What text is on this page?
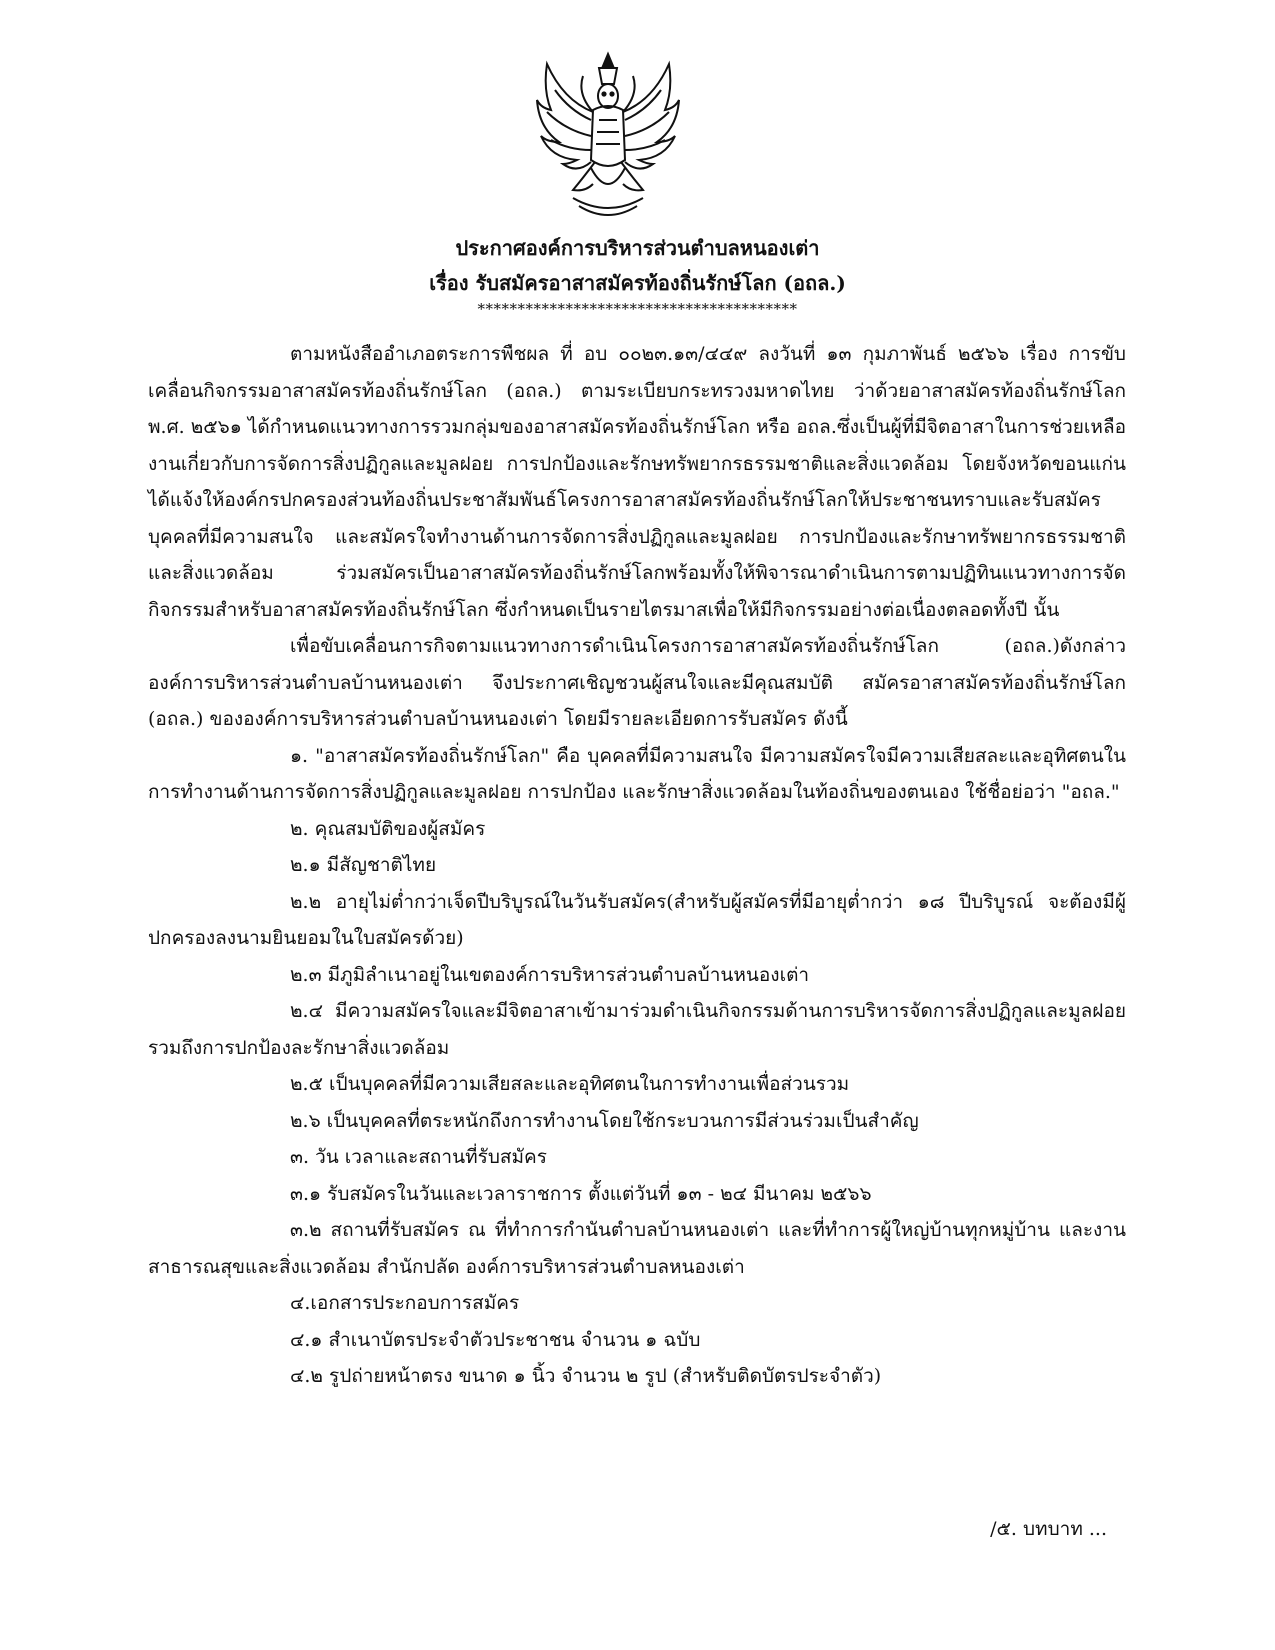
ประกาศองค์การบริหารส่วนตำบลหนองเต่า
เรื่อง รับสมัครอาสาสมัครท้องถิ่นรักษ์โลก (อถล.)
****************************************

ตามหนังสืออำเภอตระการพืชผล ที่ อบ ๐๐๒๓.๑๓/๔๔๙ ลงวันที่ ๑๓ กุมภาพันธ์ ๒๕๖๖ เรื่อง การขับเคลื่อนกิจกรรมอาสาสมัครท้องถิ่นรักษ์โลก (อถล.) ตามระเบียบกระทรวงมหาดไทย ว่าด้วยอาสาสมัครท้องถิ่นรักษ์โลก พ.ศ. ๒๕๖๑ ได้กำหนดแนวทางการรวมกลุ่มของอาสาสมัครท้องถิ่นรักษ์โลก หรือ อถล.ซึ่งเป็นผู้ที่มีจิตอาสาในการช่วยเหลืองานเกี่ยวกับการจัดการสิ่งปฏิกูลและมูลฝอย การปกป้องและรักษทรัพยากรธรรมชาติและสิ่งแวดล้อม โดยจังหวัดขอนแก่น ได้แจ้งให้องค์กรปกครองส่วนท้องถิ่นประชาสัมพันธ์โครงการอาสาสมัครท้องถิ่นรักษ์โลกให้ประชาชนทราบและรับสมัครบุคคลที่มีความสนใจ และสมัครใจทำงานด้านการจัดการสิ่งปฏิกูลและมูลฝอย การปกป้องและรักษาทรัพยากรธรรมชาติและสิ่งแวดล้อม ร่วมสมัครเป็นอาสาสมัครท้องถิ่นรักษ์โลกพร้อมทั้งให้พิจารณาดำเนินการตามปฏิทินแนวทางการจัดกิจกรรมสำหรับอาสาสมัครท้องถิ่นรักษ์โลก ซึ่งกำหนดเป็นรายไตรมาสเพื่อให้มีกิจกรรมอย่างต่อเนื่องตลอดทั้งปี นั้น

เพื่อขับเคลื่อนการกิจตามแนวทางการดำเนินโครงการอาสาสมัครท้องถิ่นรักษ์โลก (อถล.)ดังกล่าว องค์การบริหารส่วนตำบลบ้านหนองเต่า จึงประกาศเชิญชวนผู้สนใจและมีคุณสมบัติ สมัครอาสาสมัครท้องถิ่นรักษ์โลก (อถล.) ขององค์การบริหารส่วนตำบลบ้านหนองเต่า โดยมีรายละเอียดการรับสมัคร ดังนี้

๑. "อาสาสมัครท้องถิ่นรักษ์โลก" คือ บุคคลที่มีความสนใจ มีความสมัครใจมีความเสียสละและอุทิศตนในการทำงานด้านการจัดการสิ่งปฏิกูลและมูลฝอย การปกป้อง และรักษาสิ่งแวดล้อมในท้องถิ่นของตนเอง ใช้ชื่อย่อว่า "อถล."

๒. คุณสมบัติของผู้สมัคร

๒.๑ มีสัญชาติไทย

๒.๒ อายุไม่ต่ำกว่าเจ็ดปีบริบูรณ์ในวันรับสมัคร(สำหรับผู้สมัครที่มีอายุต่ำกว่า ๑๘ ปีบริบูรณ์ จะต้องมีผู้ปกครองลงนามยินยอมในใบสมัครด้วย)

๒.๓ มีภูมิลำเนาอยู่ในเขตองค์การบริหารส่วนตำบลบ้านหนองเต่า

๒.๔ มีความสมัครใจและมีจิตอาสาเข้ามาร่วมดำเนินกิจกรรมด้านการบริหารจัดการสิ่งปฏิกูลและมูลฝอย รวมถึงการปกป้องละรักษาสิ่งแวดล้อม

๒.๕ เป็นบุคคลที่มีความเสียสละและอุทิศตนในการทำงานเพื่อส่วนรวม

๒.๖ เป็นบุคคลที่ตระหนักถึงการทำงานโดยใช้กระบวนการมีส่วนร่วมเป็นสำคัญ

๓. วัน เวลาและสถานที่รับสมัคร

๓.๑ รับสมัครในวันและเวลาราชการ ตั้งแต่วันที่ ๑๓ - ๒๔ มีนาคม ๒๕๖๖

๓.๒ สถานที่รับสมัคร ณ ที่ทำการกำนันตำบลบ้านหนองเต่า และที่ทำการผู้ใหญ่บ้านทุกหมู่บ้าน และงานสาธารณสุขและสิ่งแวดล้อม สำนักปลัด องค์การบริหารส่วนตำบลหนองเต่า

๔.เอกสารประกอบการสมัคร

๔.๑ สำเนาบัตรประจำตัวประชาชน จำนวน ๑ ฉบับ

๔.๒ รูปถ่ายหน้าตรง ขนาด ๑ นิ้ว จำนวน ๒ รูป (สำหรับติดบัตรประจำตัว)

/๕. บทบาท ...
